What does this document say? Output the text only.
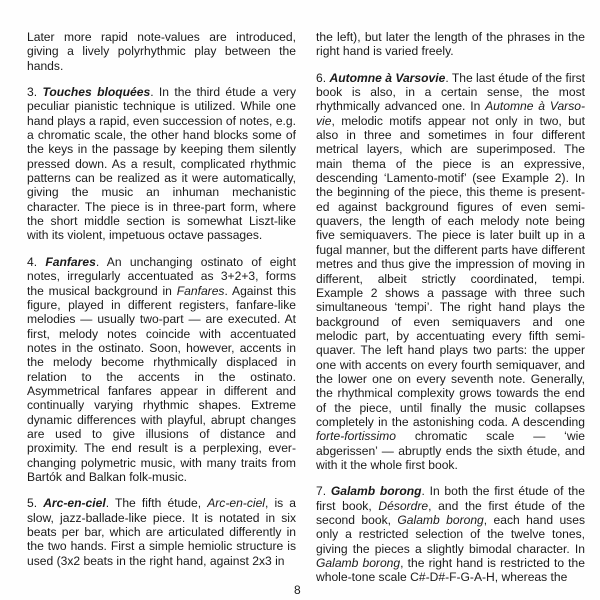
Later more rapid note-values are introduced, giving a lively polyrhythmic play between the hands.

3. Touches bloquées. In the third étude a very peculiar pianistic technique is utilized. While one hand plays a rapid, even succession of notes, e.g. a chromatic scale, the other hand blocks some of the keys in the passage by keeping them silently pressed down. As a result, complicated rhythmic patterns can be realized as it were automatically, giving the music an inhuman mechanistic character. The piece is in three-part form, where the short middle section is somewhat Liszt-like with its violent, impetuous octave passages.

4. Fanfares. An unchanging ostinato of eight notes, irregularly accentuated as 3+2+3, forms the musical background in Fanfares. Against this figure, played in different registers, fanfare-like melodies — usually two-part — are executed. At first, melody notes coincide with accentuated notes in the ostinato. Soon, however, accents in the melody become rhythmically displaced in relation to the accents in the ostinato. Asymmetrical fanfares appear in different and continually varying rhythmic shapes. Extreme dynamic differences with playful, abrupt changes are used to give illusions of distance and proximity. The end result is a perplexing, everchanging polymetric music, with many traits from Bartók and Balkan folk-music.

5. Arc-en-ciel. The fifth étude, Arc-en-ciel, is a slow, jazz-ballade-like piece. It is notated in six beats per bar, which are articulated differently in the two hands. First a simple hemiolic structure is used (3x2 beats in the right hand, against 2x3 in

the left), but later the length of the phrases in the right hand is varied freely.

6. Automne à Varsovie. The last étude of the first book is also, in a certain sense, the most rhythmically advanced one. In Automne à Varsovie, melodic motifs appear not only in two, but also in three and sometimes in four different metrical layers, which are superimposed. The main thema of the piece is an expressive, descending ‘Lamento-motif’ (see Example 2). In the beginning of the piece, this theme is presented against background figures of even semiquavers, the length of each melody note being five semiquavers. The piece is later built up in a fugal manner, but the different parts have different metres and thus give the impression of moving in different, albeit strictly coordinated, tempi. Example 2 shows a passage with three such simultaneous ‘tempi’. The right hand plays the background of even semiquavers and one melodic part, by accentuating every fifth semiquaver. The left hand plays two parts: the upper one with accents on every fourth semiquaver, and the lower one on every seventh note. Generally, the rhythmical complexity grows towards the end of the piece, until finally the music collapses completely in the astonishing coda. A descending forte-fortissimo chromatic scale — ‘wie abgerissen’ — abruptly ends the sixth étude, and with it the whole first book.

7. Galamb borong. In both the first étude of the first book, Désordre, and the first étude of the second book, Galamb borong, each hand uses only a restricted selection of the twelve tones, giving the pieces a slightly bimodal character. In Galamb borong, the right hand is restricted to the whole-tone scale C#-D#-F-G-A-H, whereas the

8
